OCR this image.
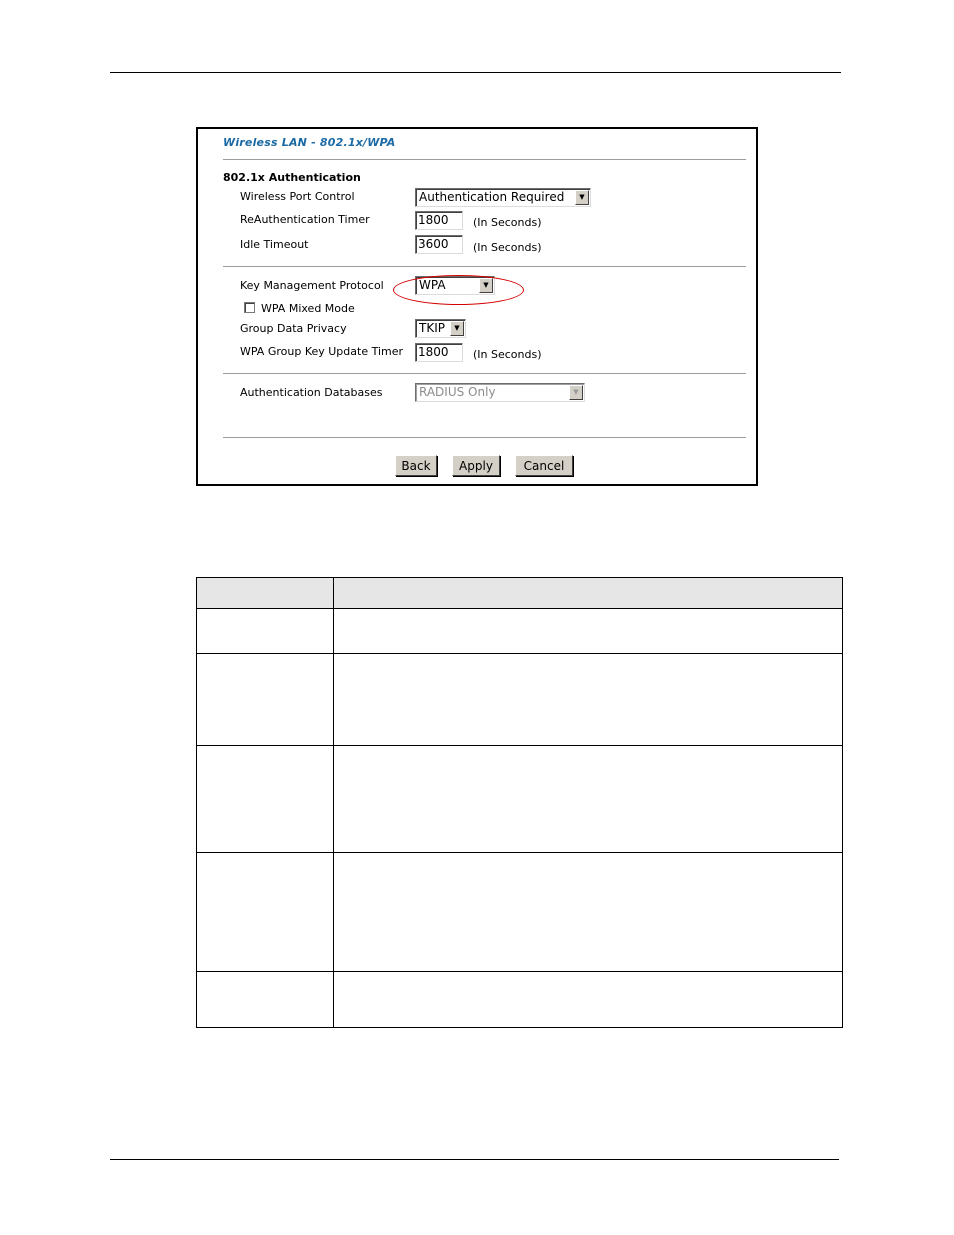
Wireless LAN - 802.1x/WPA
802.1x Authentication
Wireless Port Control	Authentication Required	▼
ReAuthentication Timer	1800	(In Seconds)
Idle Timeout	3600	(In Seconds)
Key Management Protocol	WPA	▼
WPA Mixed Mode
Group Data Privacy	TKIP	▼
WPA Group Key Update Timer 1800	(In Seconds)
Authentication Databases	RADIUS Only	▼
Back	Apply	Cancel
